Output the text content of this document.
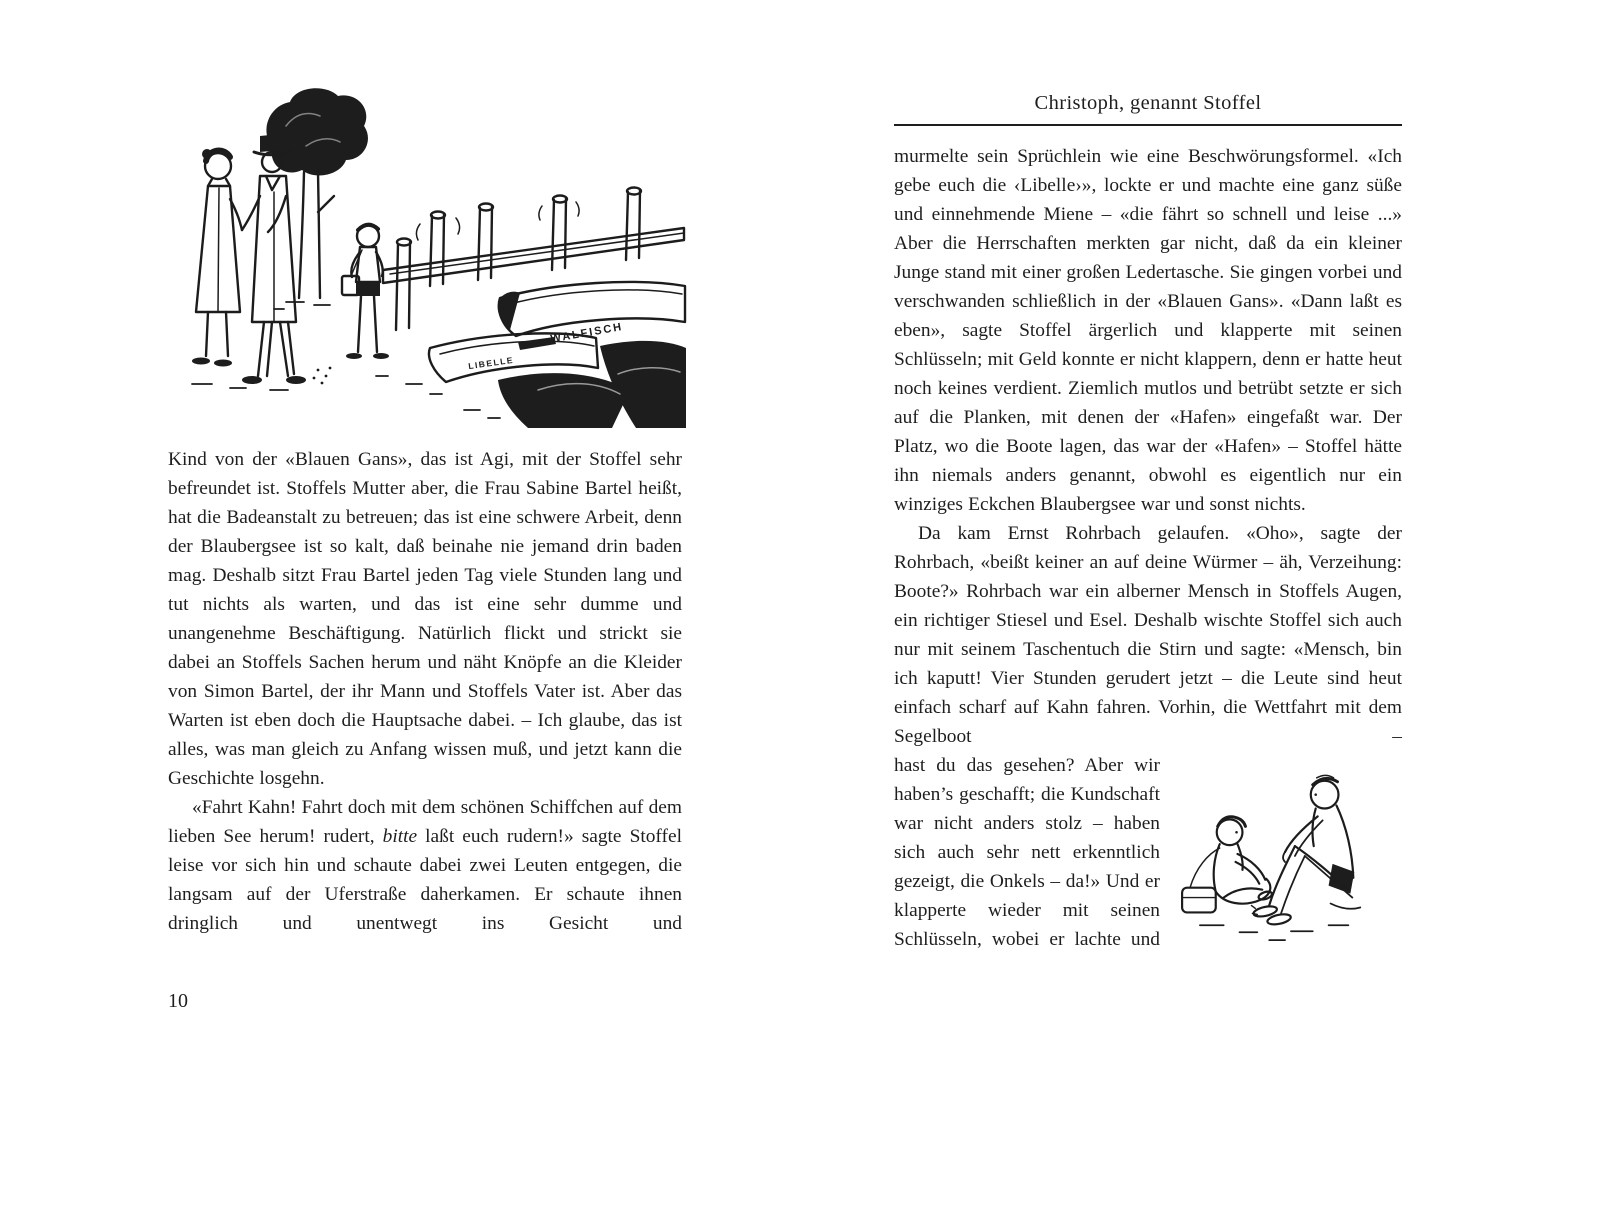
WALFISCH
LIBELLE

Kind von der «Blauen Gans», das ist Agi, mit der Stoffel sehr befreundet ist. Stoffels Mutter aber, die Frau Sabine Bartel heißt, hat die Badeanstalt zu betreuen; das ist eine schwere Arbeit, denn der Blaubergsee ist so kalt, daß beinahe nie jemand drin baden mag. Deshalb sitzt Frau Bartel jeden Tag viele Stunden lang und tut nichts als warten, und das ist eine sehr dumme und unangenehme Beschäftigung. Natürlich flickt und strickt sie dabei an Stoffels Sachen herum und näht Knöpfe an die Kleider von Simon Bartel, der ihr Mann und Stoffels Vater ist. Aber das Warten ist eben doch die Hauptsache dabei. – Ich glaube, das ist alles, was man gleich zu Anfang wissen muß, und jetzt kann die Geschichte losgehn.

«Fahrt Kahn! Fahrt doch mit dem schönen Schiffchen auf dem lieben See herum! rudert, bitte laßt euch rudern!» sagte Stoffel leise vor sich hin und schaute dabei zwei Leuten entgegen, die langsam auf der Uferstraße daherkamen. Er schaute ihnen dringlich und unentwegt ins Gesicht und

10
Christoph, genannt Stoffel

murmelte sein Sprüchlein wie eine Beschwörungsformel. «Ich gebe euch die ‹Libelle›», lockte er und machte eine ganz süße und einnehmende Miene – «die fährt so schnell und leise ...» Aber die Herrschaften merkten gar nicht, daß da ein kleiner Junge stand mit einer großen Ledertasche. Sie gingen vorbei und verschwanden schließlich in der «Blauen Gans». «Dann laßt es eben», sagte Stoffel ärgerlich und klapperte mit seinen Schlüsseln; mit Geld konnte er nicht klappern, denn er hatte heut noch keines verdient. Ziemlich mutlos und betrübt setzte er sich auf die Planken, mit denen der «Hafen» eingefaßt war. Der Platz, wo die Boote lagen, das war der «Hafen» – Stoffel hätte ihn niemals anders genannt, obwohl es eigentlich nur ein winziges Eckchen Blaubergsee war und sonst nichts.

Da kam Ernst Rohrbach gelaufen. «Oho», sagte der Rohrbach, «beißt keiner an auf deine Würmer – äh, Verzeihung: Boote?» Rohrbach war ein alberner Mensch in Stoffels Augen, ein richtiger Stiesel und Esel. Deshalb wischte Stoffel sich auch nur mit seinem Taschentuch die Stirn und sagte: «Mensch, bin ich kaputt! Vier Stunden gerudert jetzt – die Leute sind heut einfach scharf auf Kahn fahren. Vorhin, die Wettfahrt mit dem Segelboot –

hast du das gesehen? Aber wir haben’s geschafft; die Kundschaft war nicht anders stolz – haben sich auch sehr nett erkenntlich gezeigt, die Onkels – da!» Und er klapperte wieder mit seinen Schlüsseln, wobei er lachte und
